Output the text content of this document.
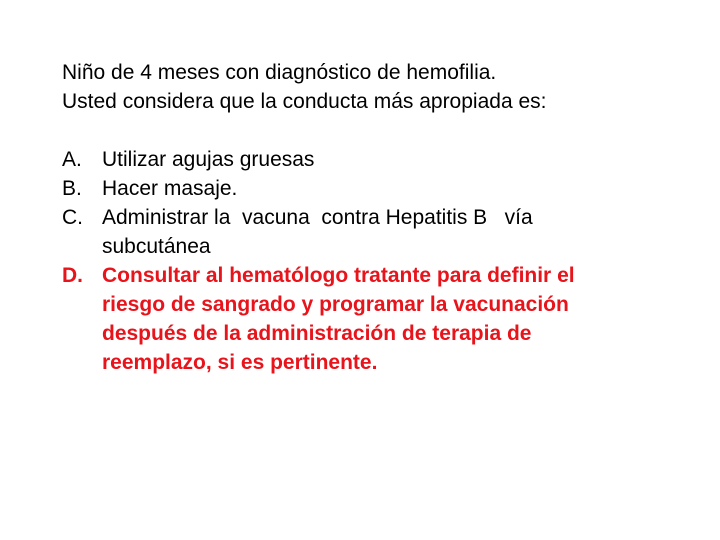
Niño de 4 meses con diagnóstico de hemofilia.

Usted considera que la conducta más apropiada es:

A. Utilizar agujas gruesas
B. Hacer masaje.
C. Administrar la  vacuna  contra Hepatitis B   vía
subcutánea
D. Consultar al hematólogo tratante para definir el
riesgo de sangrado y programar la vacunación
después de la administración de terapia de
reemplazo, si es pertinente.
